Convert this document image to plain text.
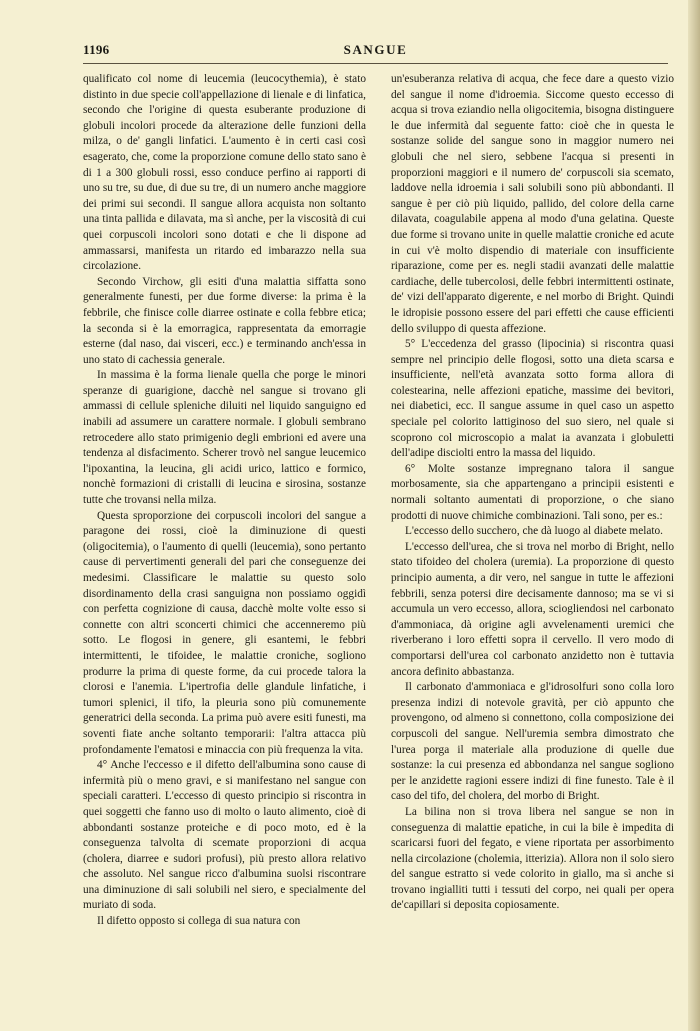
1196	SANGUE

qualificato col nome di leucemia (leucocythemia), è stato distinto in due specie coll'appellazione di lienale e di linfatica, secondo che l'origine di questa esuberante produzione di globuli incolori procede da alterazione delle funzioni della milza, o de' gangli linfatici. L'aumento è in certi casi così esagerato, che, come la proporzione comune dello stato sano è di 1 a 300 globuli rossi, esso conduce perfino ai rapporti di uno su tre, su due, di due su tre, di un numero anche maggiore dei primi sui secondi. Il sangue allora acquista non soltanto una tinta pallida e dilavata, ma sì anche, per la viscosità di cui quei corpuscoli incolori sono dotati e che li dispone ad ammassarsi, manifesta un ritardo ed imbarazzo nella sua circolazione.

Secondo Virchow, gli esiti d'una malattia siffatta sono generalmente funesti, per due forme diverse: la prima è la febbrile, che finisce colle diarree ostinate e colla febbre etica; la seconda si è la emorragica, rappresentata da emorragie esterne (dal naso, dai visceri, ecc.) e terminando anch'essa in uno stato di cachessia generale.

In massima è la forma lienale quella che porge le minori speranze di guarigione, dacchè nel sangue si trovano gli ammassi di cellule spleniche diluiti nel liquido sanguigno ed inabili ad assumere un carattere normale. I globuli sembrano retrocedere allo stato primigenio degli embrioni ed avere una tendenza al disfacimento. Scherer trovò nel sangue leucemico l'ipoxantina, la leucina, gli acidi urico, lattico e formico, nonchè formazioni di cristalli di leucina e sirosina, sostanze tutte che trovansi nella milza.

Questa sproporzione dei corpuscoli incolori del sangue a paragone dei rossi, cioè la diminuzione di questi (oligocitemia), o l'aumento di quelli (leucemia), sono pertanto cause di pervertimenti generali del pari che conseguenze dei medesimi. Classificare le malattie su questo solo disordinamento della crasi sanguigna non possiamo oggidì con perfetta cognizione di causa, dacchè molte volte esso si connette con altri sconcerti chimici che accenneremo più sotto. Le flogosi in genere, gli esantemi, le febbri intermittenti, le tifoidee, le malattie croniche, sogliono produrre la prima di queste forme, da cui procede talora la clorosi e l'anemia. L'ipertrofia delle glandule linfatiche, i tumori splenici, il tifo, la pleuria sono più comunemente generatrici della seconda. La prima può avere esiti funesti, ma soventi fiate anche soltanto temporarii: l'altra attacca più profondamente l'ematosi e minaccia con più frequenza la vita.

4° Anche l'eccesso e il difetto dell'albumina sono cause di infermità più o meno gravi, e si manifestano nel sangue con speciali caratteri. L'eccesso di questo principio si riscontra in quei soggetti che fanno uso di molto o lauto alimento, cioè di abbondanti sostanze proteiche e di poco moto, ed è la conseguenza talvolta di scemate proporzioni di acqua (cholera, diarree e sudori profusi), più presto allora relativo che assoluto. Nel sangue ricco d'albumina suolsi riscontrare una diminuzione di sali solubili nel siero, e specialmente del muriato di soda.

Il difetto opposto si collega di sua natura con

un'esuberanza relativa di acqua, che fece dare a questo vizio del sangue il nome d'idroemia. Siccome questo eccesso di acqua si trova eziandio nella oligocitemia, bisogna distinguere le due infermità dal seguente fatto: cioè che in questa le sostanze solide del sangue sono in maggior numero nei globuli che nel siero, sebbene l'acqua si presenti in proporzioni maggiori e il numero de' corpuscoli sia scemato, laddove nella idroemia i sali solubili sono più abbondanti. Il sangue è per ciò più liquido, pallido, del colore della carne dilavata, coagulabile appena al modo d'una gelatina. Queste due forme si trovano unite in quelle malattie croniche ed acute in cui v'è molto dispendio di materiale con insufficiente riparazione, come per es. negli stadii avanzati delle malattie cardiache, delle tubercolosi, delle febbri intermittenti ostinate, de' vizi dell'apparato digerente, e nel morbo di Bright. Quindi le idropisie possono essere del pari effetti che cause efficienti dello sviluppo di questa affezione.

5° L'eccedenza del grasso (lipocinia) si riscontra quasi sempre nel principio delle flogosi, sotto una dieta scarsa e insufficiente, nell'età avanzata sotto forma allora di colestearina, nelle affezioni epatiche, massime dei bevitori, nei diabetici, ecc. Il sangue assume in quel caso un aspetto speciale pel colorito lattiginoso del suo siero, nel quale si scoprono col microscopio a malat ia avanzata i globuletti dell'adipe disciolti entro la massa del liquido.

6° Molte sostanze impregnano talora il sangue morbosamente, sia che appartengano a principii esistenti e normali soltanto aumentati di proporzione, o che siano prodotti di nuove chimiche combinazioni. Tali sono, per es.:

L'eccesso dello succhero, che dà luogo al diabete melato.

L'eccesso dell'urea, che si trova nel morbo di Bright, nello stato tifoideo del cholera (uremia). La proporzione di questo principio aumenta, a dir vero, nel sangue in tutte le affezioni febbrili, senza potersi dire decisamente dannoso; ma se vi si accumula un vero eccesso, allora, sciogliendosi nel carbonato d'ammoniaca, dà origine agli avvelenamenti uremici che riverberano i loro effetti sopra il cervello. Il vero modo di comportarsi dell'urea col carbonato anzidetto non è tuttavia ancora definito abbastanza.

Il carbonato d'ammoniaca e gl'idrosolfuri sono colla loro presenza indizi di notevole gravità, per ciò appunto che provengono, od almeno si connettono, colla composizione dei corpuscoli del sangue. Nell'uremia sembra dimostrato che l'urea porga il materiale alla produzione di quelle due sostanze: la cui presenza ed abbondanza nel sangue sogliono per le anzidette ragioni essere indizi di fine funesto. Tale è il caso del tifo, del cholera, del morbo di Bright.

La bilina non si trova libera nel sangue se non in conseguenza di malattie epatiche, in cui la bile è impedita di scaricarsi fuori del fegato, e viene riportata per assorbimento nella circolazione (cholemia, itterizia). Allora non il solo siero del sangue estratto si vede colorito in giallo, ma sì anche si trovano ingialliti tutti i tessuti del corpo, nei quali per opera de'capillari si deposita copiosamente.
